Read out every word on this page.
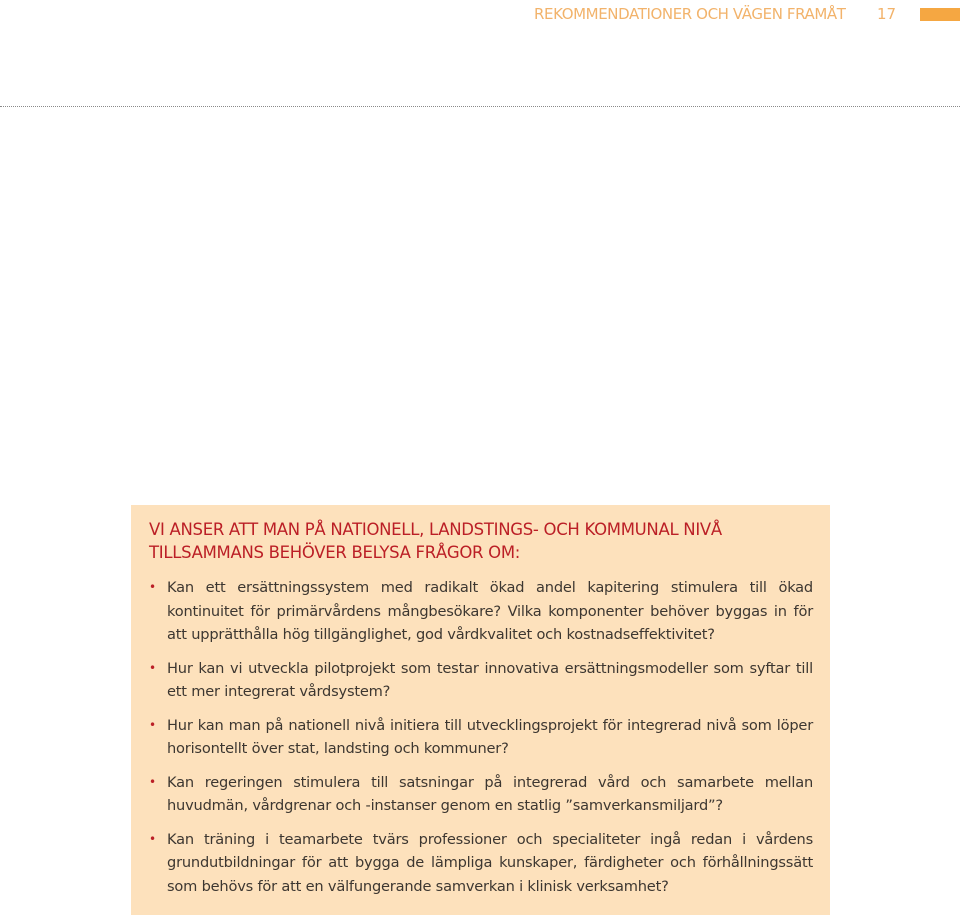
REKOMMENDATIONER OCH VÄGEN FRAMÅT 17
VI ANSER ATT MAN PÅ NATIONELL, LANDSTINGS- OCH KOMMUNAL NIVÅ TILLSAMMANS BEHÖVER BELYSA FRÅGOR OM:
• Kan ett ersättningssystem med radikalt ökad andel kapitering stimulera till ökad kontinuitet för primärvårdens mångbesökare? Vilka komponenter behöver byggas in för att upprätthålla hög tillgänglighet, god vårdkvalitet och kostnadseffektivitet?
• Hur kan vi utveckla pilotprojekt som testar innovativa ersättningsmodeller som syftar till ett mer integrerat vårdsystem?
• Hur kan man på nationell nivå initiera till utvecklingsprojekt för integrerad nivå som löper horisontellt över stat, landsting och kommuner?
• Kan regeringen stimulera till satsningar på integrerad vård och samarbete mellan huvudmän, vårdgrenar och -instanser genom en statlig ”samverkansmiljard”?
• Kan träning i teamarbete tvärs professioner och specialiteter ingå redan i vårdens grundutbildningar för att bygga de lämpliga kunskaper, färdigheter och förhållningssätt som behövs för att en välfungerande samverkan i klinisk verksamhet?
